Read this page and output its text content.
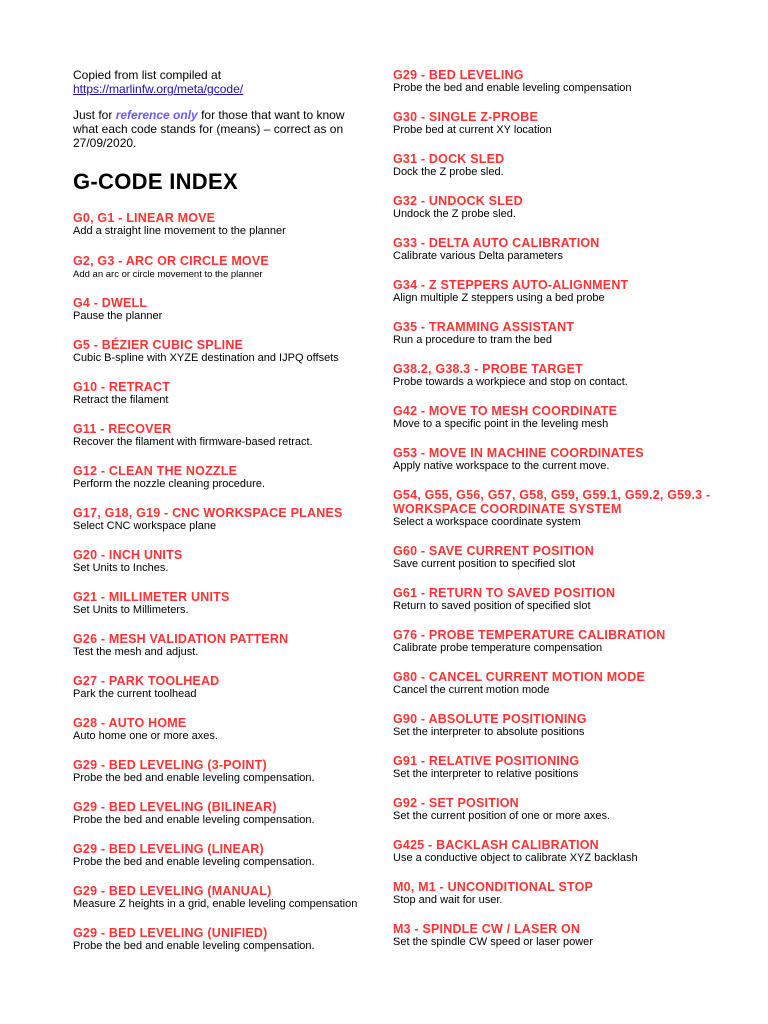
Copied from list compiled at
https://marlinfw.org/meta/gcode/
Just for reference only for those that want to know what each code stands for (means) – correct as on 27/09/2020.
G-CODE INDEX
G0, G1 - LINEAR MOVE
Add a straight line movement to the planner
G2, G3 - ARC OR CIRCLE MOVE
Add an arc or circle movement to the planner
G4 - DWELL
Pause the planner
G5 - BÉZIER CUBIC SPLINE
Cubic B-spline with XYZE destination and IJPQ offsets
G10 - RETRACT
Retract the filament
G11 - RECOVER
Recover the filament with firmware-based retract.
G12 - CLEAN THE NOZZLE
Perform the nozzle cleaning procedure.
G17, G18, G19 - CNC WORKSPACE PLANES
Select CNC workspace plane
G20 - INCH UNITS
Set Units to Inches.
G21 - MILLIMETER UNITS
Set Units to Millimeters.
G26 - MESH VALIDATION PATTERN
Test the mesh and adjust.
G27 - PARK TOOLHEAD
Park the current toolhead
G28 - AUTO HOME
Auto home one or more axes.
G29 - BED LEVELING (3-POINT)
Probe the bed and enable leveling compensation.
G29 - BED LEVELING (BILINEAR)
Probe the bed and enable leveling compensation.
G29 - BED LEVELING (LINEAR)
Probe the bed and enable leveling compensation.
G29 - BED LEVELING (MANUAL)
Measure Z heights in a grid, enable leveling compensation
G29 - BED LEVELING (UNIFIED)
Probe the bed and enable leveling compensation.
G29 - BED LEVELING
Probe the bed and enable leveling compensation
G30 - SINGLE Z-PROBE
Probe bed at current XY location
G31 - DOCK SLED
Dock the Z probe sled.
G32 - UNDOCK SLED
Undock the Z probe sled.
G33 - DELTA AUTO CALIBRATION
Calibrate various Delta parameters
G34 - Z STEPPERS AUTO-ALIGNMENT
Align multiple Z steppers using a bed probe
G35 - TRAMMING ASSISTANT
Run a procedure to tram the bed
G38.2, G38.3 - PROBE TARGET
Probe towards a workpiece and stop on contact.
G42 - MOVE TO MESH COORDINATE
Move to a specific point in the leveling mesh
G53 - MOVE IN MACHINE COORDINATES
Apply native workspace to the current move.
G54, G55, G56, G57, G58, G59, G59.1, G59.2, G59.3 - WORKSPACE COORDINATE SYSTEM
Select a workspace coordinate system
G60 - SAVE CURRENT POSITION
Save current position to specified slot
G61 - RETURN TO SAVED POSITION
Return to saved position of specified slot
G76 - PROBE TEMPERATURE CALIBRATION
Calibrate probe temperature compensation
G80 - CANCEL CURRENT MOTION MODE
Cancel the current motion mode
G90 - ABSOLUTE POSITIONING
Set the interpreter to absolute positions
G91 - RELATIVE POSITIONING
Set the interpreter to relative positions
G92 - SET POSITION
Set the current position of one or more axes.
G425 - BACKLASH CALIBRATION
Use a conductive object to calibrate XYZ backlash
M0, M1 - UNCONDITIONAL STOP
Stop and wait for user.
M3 - SPINDLE CW / LASER ON
Set the spindle CW speed or laser power
